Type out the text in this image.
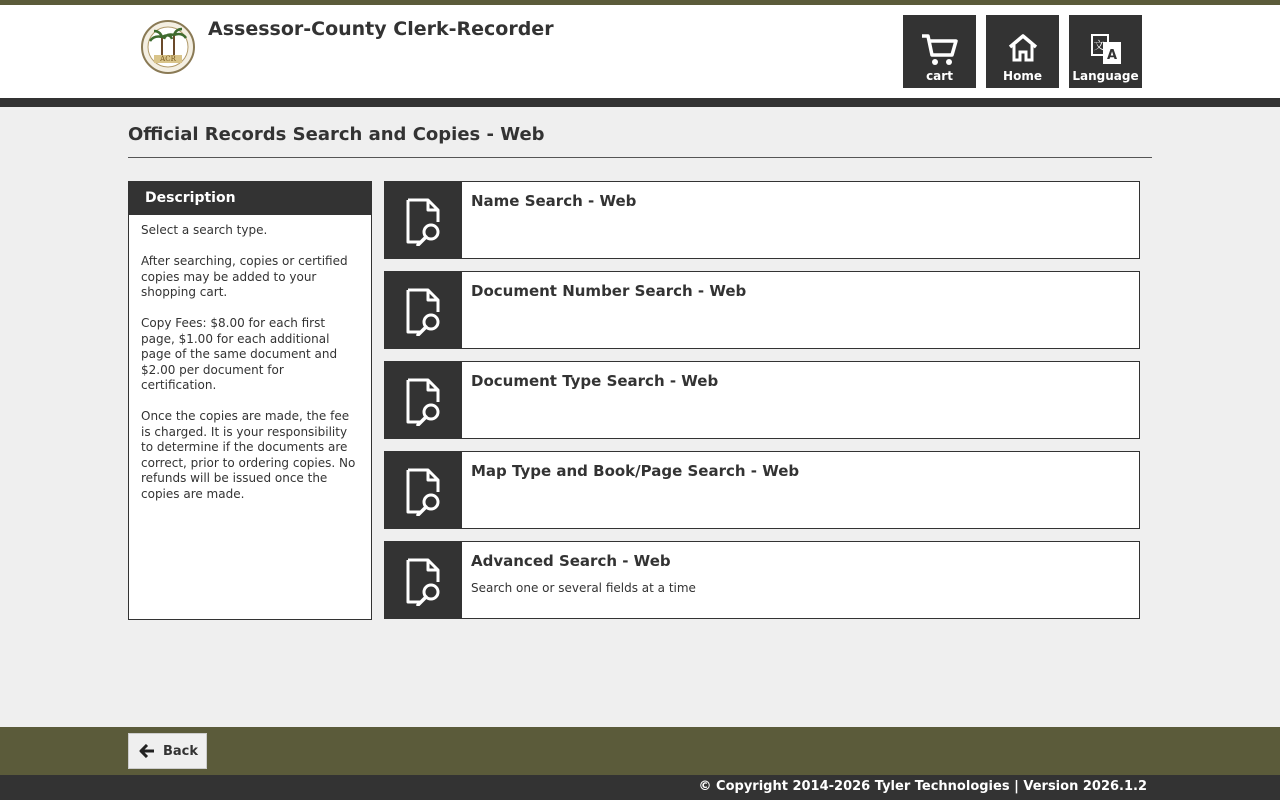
ACR
Assessor-County Clerk-Recorder
cart	Home
A
文
Language
Official Records Search and Copies - Web
Description

Select a search type.

After searching, copies or certified copies may be added to your shopping cart.

Copy Fees: $8.00 for each first page, $1.00 for each additional page of the same document and $2.00 per document for certification.

Once the copies are made, the fee is charged. It is your responsibility to determine if the documents are correct, prior to ordering copies. No refunds will be issued once the copies are made.

Name Search - Web
Document Number Search - Web
Document Type Search - Web
Map Type and Book/Page Search - Web
Advanced Search - Web
Search one or several fields at a time
Back
© Copyright 2014-2026 Tyler Technologies | Version 2026.1.2
